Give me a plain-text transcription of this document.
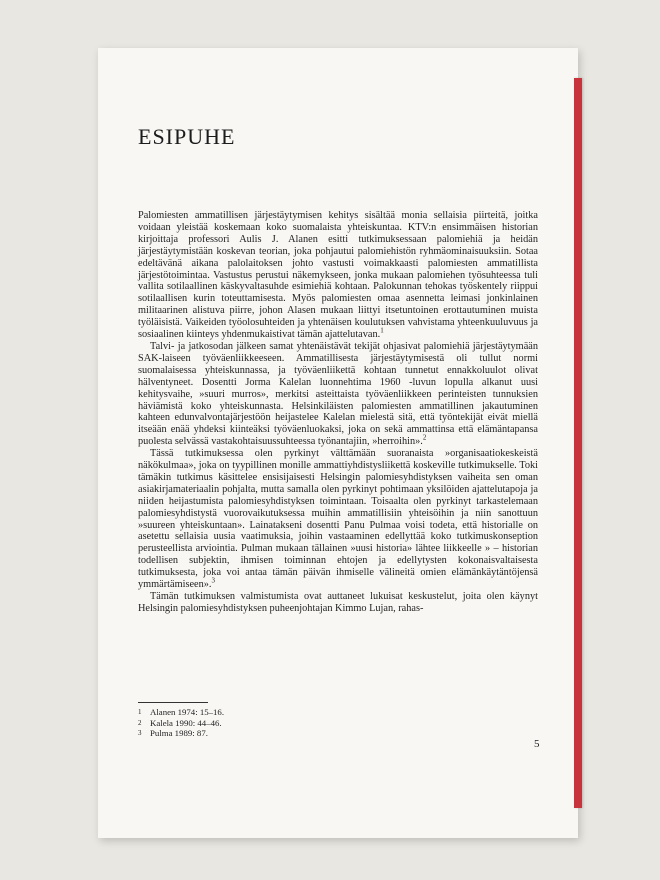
ESIPUHE

Palomiesten ammatillisen järjestäytymisen kehitys sisältää monia sellaisia piirteitä, joitka voidaan yleistää koskemaan koko suomalaista yhteiskuntaa. KTV:n ensimmäisen historian kirjoittaja professori Aulis J. Alanen esitti tutkimuksessaan palomiehiä ja heidän järjestäytymistään koskevan teorian, joka pohjautui palomiehistön ryhmäominaisuuksiin. Sotaa edeltävänä aikana palolaitoksen johto vastusti voimakkaasti palomiesten ammatillista järjestötoimintaa. Vastustus perustui näkemykseen, jonka mukaan palomiehen työsuhteessa tuli vallita sotilaallinen käskyvaltasuhde esimiehiä kohtaan. Palokunnan tehokas työskentely riippui sotilaallisen kurin toteuttamisesta. Myös palomiesten omaa asennetta leimasi jonkinlainen militaarinen alistuva piirre, johon Alasen mukaan liittyi itsetuntoinen erottautuminen muista työläisistä. Vaikeiden työolosuhteiden ja yhtenäisen koulutuksen vahvistama yhteenkuuluvuus ja sosiaalinen kiinteys yhdenmukaistivat tämän ajattelutavan.$^1$

Talvi- ja jatkosodan jälkeen samat yhtenäistävät tekijät ohjasivat palomiehiä järjestäytymään SAK-laiseen työväenliikkeeseen. Ammatillisesta järjestäytymisestä oli tullut normi suomalaisessa yhteiskunnassa, ja työväenliikettä kohtaan tunnetut ennakkoluulot olivat hälventyneet. Dosentti Jorma Kalelan luonnehtima 1960 -luvun lopulla alkanut uusi kehitysvaihe, »suuri murros», merkitsi asteittaista työväenliikkeen perinteisten tunnuksien häviämistä koko yhteiskunnasta. Helsinkiläisten palomiesten ammatillinen jakautuminen kahteen edunvalvontajärjestöön heijastelee Kalelan mielestä sitä, että työntekijät eivät miellä itseään enää yhdeksi kiinteäksi työväenluokaksi, joka on sekä ammattinsa että elämäntapansa puolesta selvässä vastakohtaisuussuhteessa työnantajiin, »herroihin».$^2$

Tässä tutkimuksessa olen pyrkinyt välttämään suoranaista »organisaatiokeskeistä näkökulmaa», joka on tyypillinen monille ammattiyhdistysliikettä koskeville tutkimukselle. Toki tämäkin tutkimus käsittelee ensisijaisesti Helsingin palomiesyhdistyksen vaiheita sen oman asiakirjamateriaalin pohjalta, mutta samalla olen pyrkinyt pohtimaan yksilöiden ajattelutapoja ja niiden heijastumista palomiesyhdistyksen toimintaan. Toisaalta olen pyrkinyt tarkastelemaan palomiesyhdistystä vuorovaikutuksessa muihin ammatillisiin yhteisöihin ja niin sanottuun »suureen yhteiskuntaan». Lainatakseni dosentti Panu Pulmaa voisi todeta, että historialle on asetettu sellaisia uusia vaatimuksia, joihin vastaaminen edellyttää koko tutkimuskonseption perusteellista arviointia. Pulman mukaan tällainen »uusi historia» lähtee liikkeelle » – historian todellisen subjektin, ihmisen toiminnan ehtojen ja edellytysten kokonaisvaltaisesta tutkimuksesta, joka voi antaa tämän päivän ihmiselle välineitä omien elämänkäytäntöjensä ymmärtämiseen».$^3$

Tämän tutkimuksen valmistumista ovat auttaneet lukuisat keskustelut, joita olen käynyt Helsingin palomiesyhdistyksen puheenjohtajan Kimmo Lujan, rahas-

1 Alanen 1974: 15–16.
2 Kalela 1990: 44–46.
3 Pulma 1989: 87.
5
